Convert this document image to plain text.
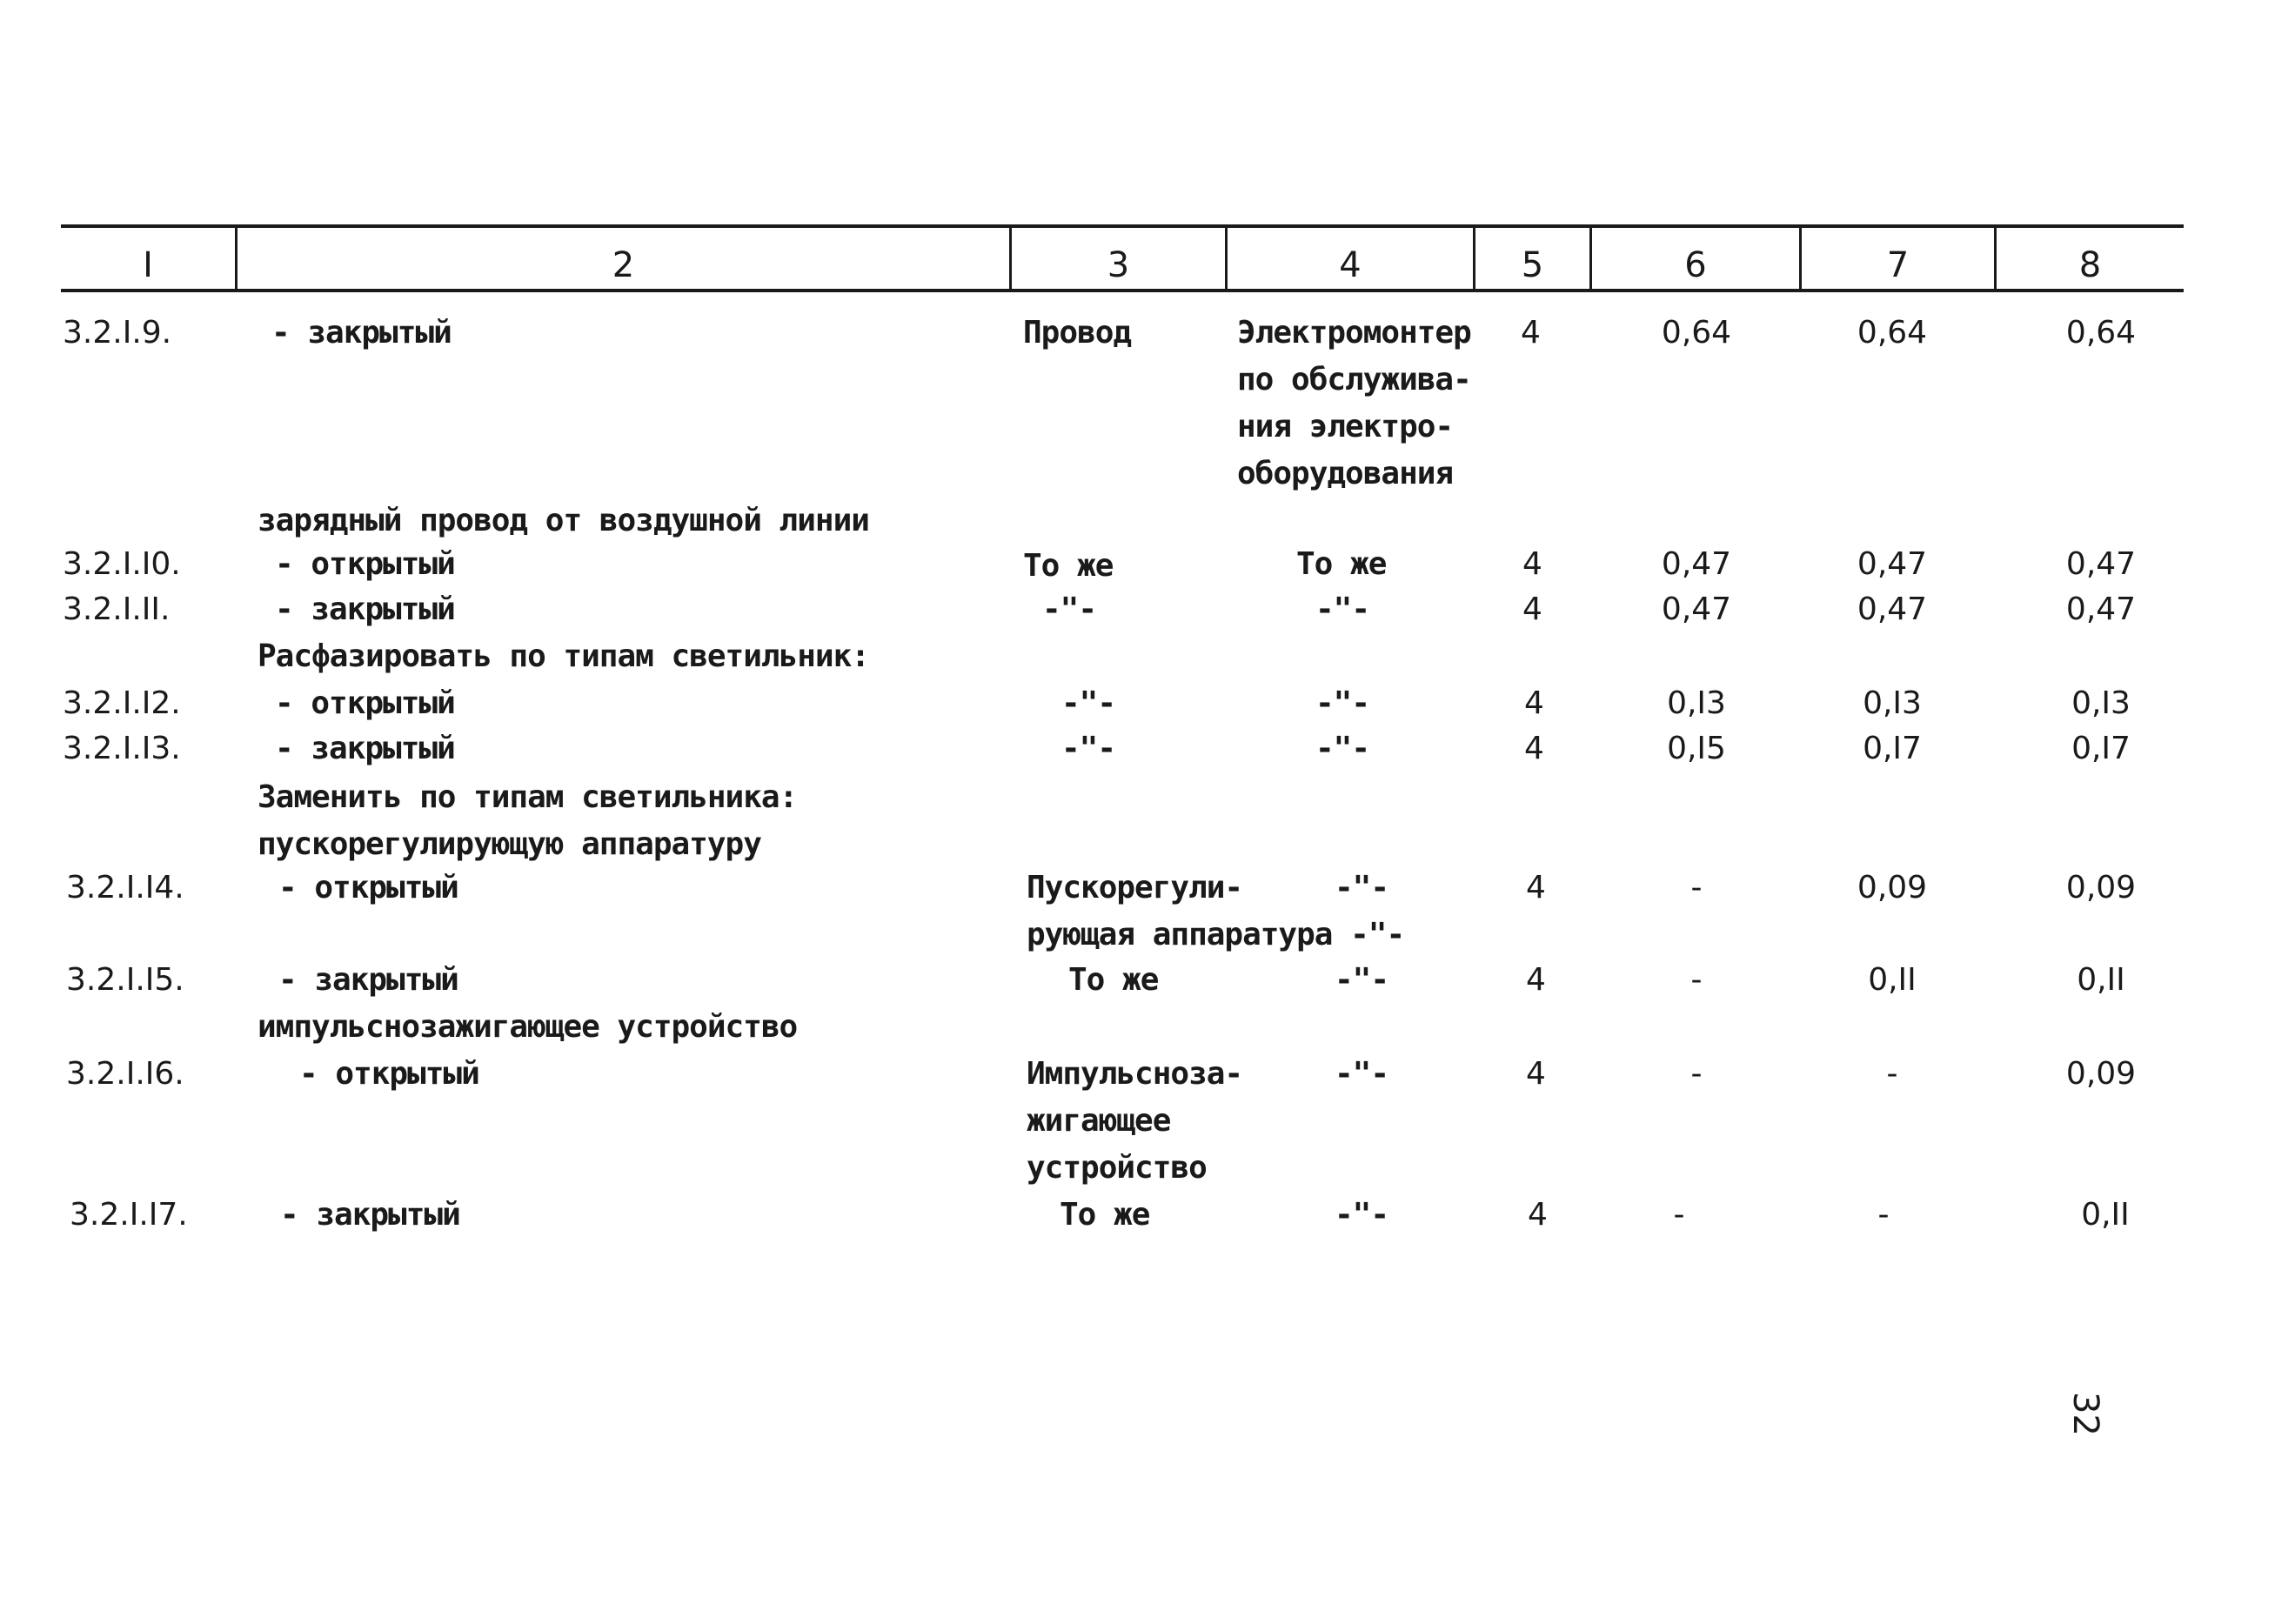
I	2	3	4	5	6	7	8
3.2.I.9.	- закрытый	Провод	Электромонтер
по обслужива-
ния электро-
оборудования
4	0,64	0,64	0,64
зарядный провод от воздушной линии
3.2.I.I0.	- открытый	То же	То же	4	0,47	0,47	0,47
3.2.I.II.	- закрытый	-"-	-"-	4	0,47	0,47	0,47
Расфазировать по типам светильник:
3.2.I.I2.	- открытый	-"-	-"-	4	0,I3	0,I3	0,I3
3.2.I.I3.	- закрытый	-"-	-"-	4	0,I5	0,I7	0,I7
Заменить по типам светильника:
пускорегулирующую аппаратуру
3.2.I.I4.	- открытый	Пускорегули-
рующая аппаратура -"-
-"-	4	-	0,09	0,09
3.2.I.I5.	- закрытый	То же	-"-	4	-	0,II	0,II
импульснозажигающее устройство
3.2.I.I6.	- открытый	Импульсноза-
жигающее
устройство
-"-	4	-	-	0,09
3.2.I.I7.	- закрытый	То же	-"-	4	-	-	0,II
32
